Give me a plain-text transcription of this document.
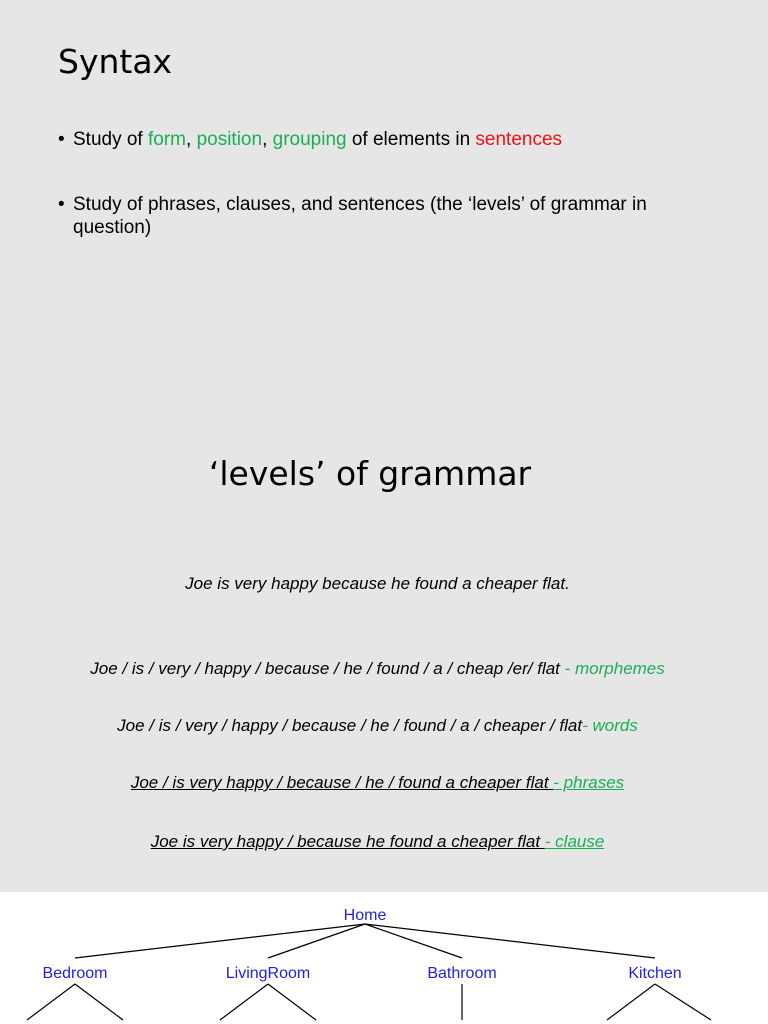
Syntax
• Study of form, position, grouping of elements in sentences
• Study of phrases, clauses, and sentences (the ‘levels’ of grammar in question)
‘levels’ of grammar
Joe is very happy because he found a cheaper flat.
Joe / is / very / happy / because / he / found / a / cheap /er/ flat - morphemes
Joe / is / very / happy / because / he / found / a / cheaper / flat- words
Joe / is very happy / because / he / found a cheaper flat - phrases
Joe is very happy / because he found a cheaper flat - clause
Home
Bedroom	LivingRoom	Bathroom	Kitchen
